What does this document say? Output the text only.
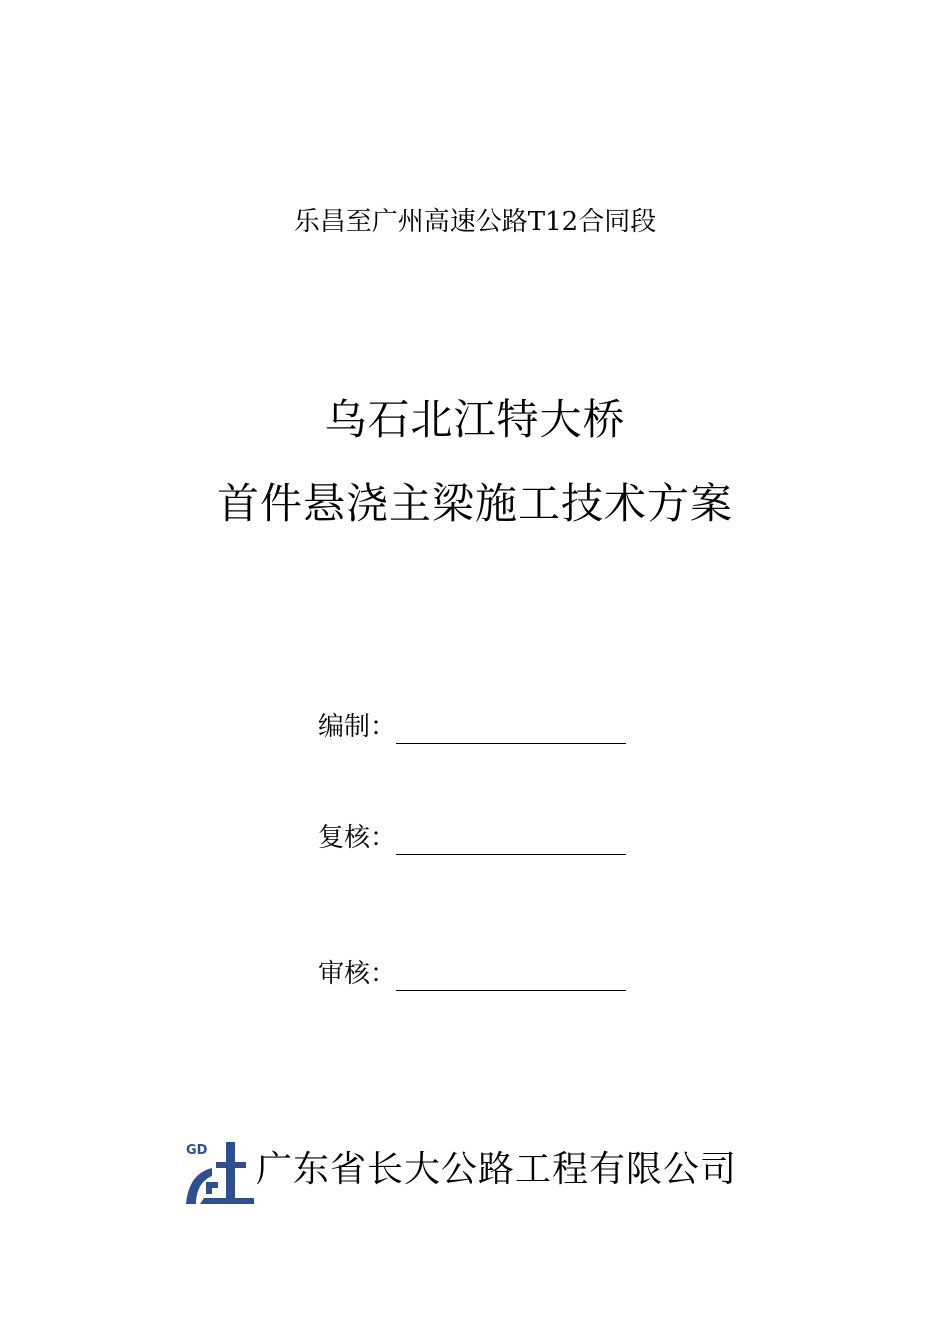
乐昌至广州高速公路T12合同段
乌石北江特大桥
首件悬浇主梁施工技术方案
编制：
复核：
审核：
GD 广东省长大公路工程有限公司
